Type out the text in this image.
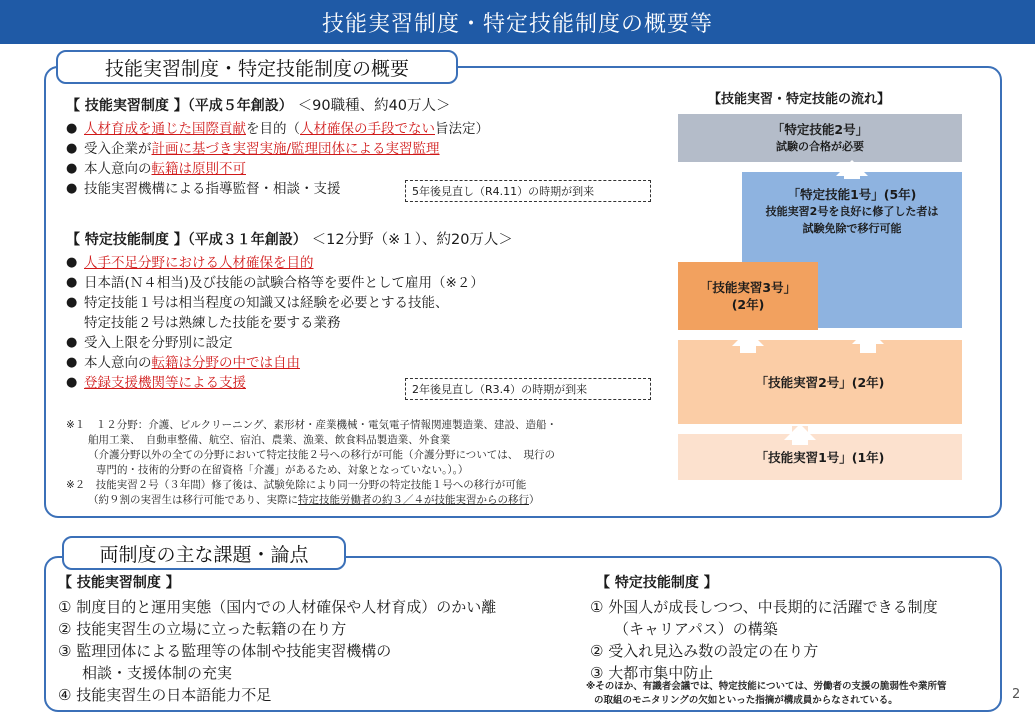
技能実習制度・特定技能制度の概要等
技能実習制度・特定技能制度の概要
【 技能実習制度 】（平成５年創設） ＜90職種、約40万人＞
● 人材育成を通じた国際貢献を目的（人材確保の手段でない旨法定）
● 受入企業が計画に基づき実習実施/監理団体による実習監理
● 本人意向の転籍は原則不可
● 技能実習機構による指導監督・相談・支援	5年後見直し（R4.11）の時期が到来
【 特定技能制度 】（平成３１年創設） ＜12分野（※１）、約20万人＞
● 人手不足分野における人材確保を目的
● 日本語(Ｎ４相当)及び技能の試験合格等を要件として雇用（※２）
● 特定技能１号は相当程度の知識又は経験を必要とする技能、
特定技能２号は熟練した技能を要する業務
● 受入上限を分野別に設定
● 本人意向の転籍は分野の中では自由
● 登録支援機関等による支援	2年後見直し（R3.4）の時期が到来
※１　１２分野：介護、ビルクリーニング、素形材・産業機械・電気電子情報関連製造業、建設、造船・
舶用工業、　自動車整備、航空、宿泊、農業、漁業、飲食料品製造業、外食業
（介護分野以外の全ての分野において特定技能２号への移行が可能（介護分野については、　現行の
専門的・技術的分野の在留資格「介護」があるため、対象となっていない。）。）
※２　技能実習２号（３年間）修了後は、試験免除により同一分野の特定技能１号への移行が可能
（約９割の実習生は移行可能であり、実際に特定技能労働者の約３／４が技能実習からの移行）
【技能実習・特定技能の流れ】
「特定技能2号」
試験の合格が必要
「特定技能1号」(5年)
技能実習2号を良好に修了した者は
試験免除で移行可能
「技能実習3号」
(2年)
「技能実習2号」(2年)
「技能実習1号」(1年)
両制度の主な課題・論点
【 技能実習制度 】
① 制度目的と運用実態（国内での人材確保や人材育成）のかい離
② 技能実習生の立場に立った転籍の在り方
③ 監理団体による監理等の体制や技能実習機構の
相談・支援体制の充実
④ 技能実習生の日本語能力不足
【 特定技能制度 】
① 外国人が成長しつつ、中長期的に活躍できる制度
（キャリアパス）の構築
② 受入れ見込み数の設定の在り方
③ 大都市集中防止
※そのほか、有識者会議では、特定技能については、労働者の支援の脆弱性や業所管
の取組のモニタリングの欠如といった指摘が構成員からなされている。	2
